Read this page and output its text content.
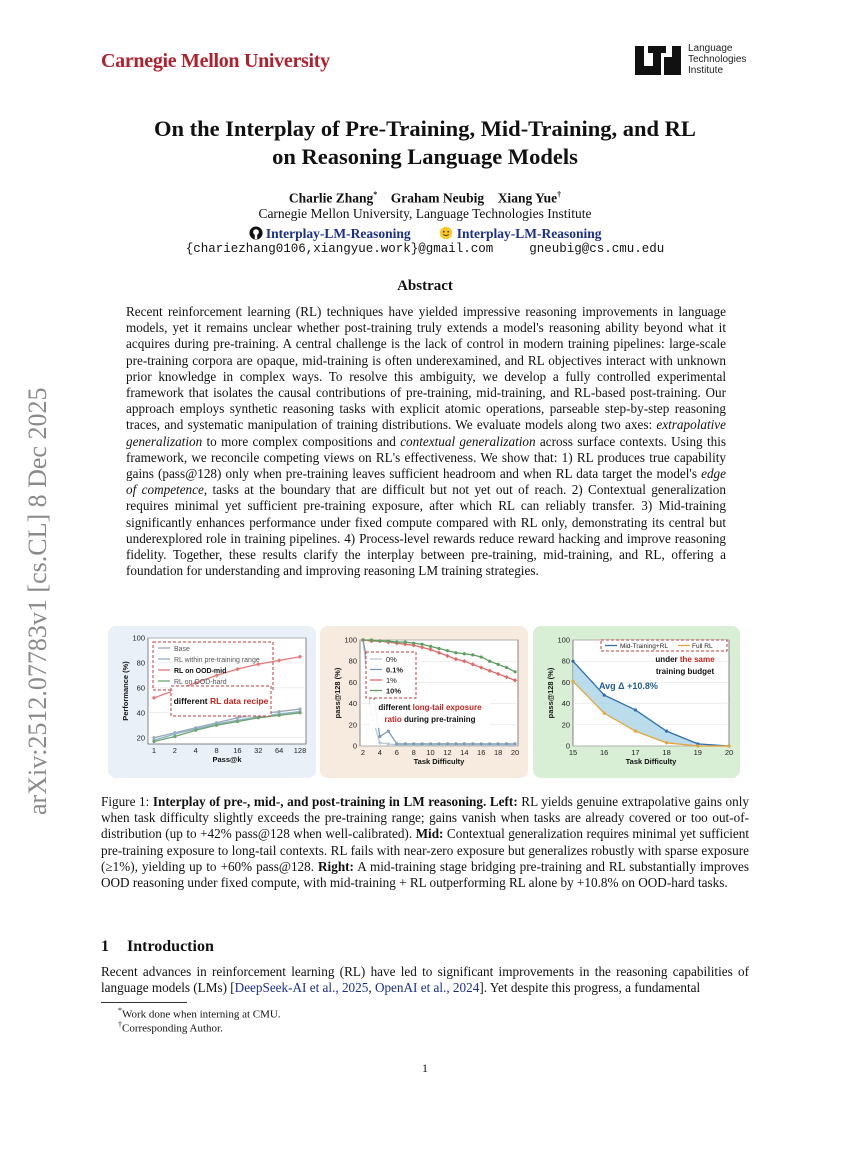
Carnegie Mellon University
Language
Technologies
Institute
arXiv:2512.07783v1 [cs.CL] 8 Dec 2025
On the Interplay of Pre-Training, Mid-Training, and RL
on Reasoning Language Models
Charlie Zhang* Graham Neubig Xiang Yue†
Carnegie Mellon University, Language Technologies Institute
Interplay-LM-Reasoning	Interplay-LM-Reasoning
{chariezhang0106,xiangyue.work}@gmail.com	gneubig@cs.cmu.edu
Abstract
Recent reinforcement learning (RL) techniques have yielded impressive reasoning improvements in language models, yet it remains unclear whether post-training truly extends a model's reasoning ability beyond what it acquires during pre-training. A central challenge is the lack of control in modern training pipelines: large-scale pre-training corpora are opaque, mid-training is often underexamined, and RL objectives interact with unknown prior knowledge in complex ways. To resolve this ambiguity, we develop a fully controlled experimental framework that isolates the causal contributions of pre-training, mid-training, and RL-based post-training. Our approach employs synthetic reasoning tasks with explicit atomic operations, parseable step-by-step reasoning traces, and systematic manipulation of training distributions. We evaluate models along two axes: extrapolative generalization to more complex compositions and contextual generalization across surface contexts. Using this framework, we reconcile competing views on RL's effectiveness. We show that: 1) RL produces true capability gains (pass@128) only when pre-training leaves sufficient headroom and when RL data target the model's edge of competence, tasks at the boundary that are difficult but not yet out of reach. 2) Contextual generalization requires minimal yet sufficient pre-training exposure, after which RL can reliably transfer. 3) Mid-training significantly enhances performance under fixed compute compared with RL only, demonstrating its central but underexplored role in training pipelines. 4) Process-level rewards reduce reward hacking and improve reasoning fidelity. Together, these results clarify the interplay between pre-training, mid-training, and RL, offering a foundation for understanding and improving reasoning LM training strategies.
20
40
60
80
100
1 2 4 8 16 32 64 128
Pass@k
Performance (%)
Base
RL within pre-training range
RL on OOD-mid
RL on OOD-hard
different RL data recipe
0
20
40
60
80
100
2 4 6 8 10 12 14 16 18 20
Task Difficulty
pass@128 (%)
0%
0.1%
1%
10%
different long-tail exposure
ratio during pre-training
0
20
40
60
80
100
15	16	17	18	19	20
Task Difficulty
pass@128 (%)
Mid-Training+RL	Full RL
under the same
training budget
Avg Δ +10.8%
Figure 1: Interplay of pre-, mid-, and post-training in LM reasoning. Left: RL yields genuine extrapolative gains only when task difficulty slightly exceeds the pre-training range; gains vanish when tasks are already covered or too out-of-distribution (up to +42% pass@128 when well-calibrated). Mid: Contextual generalization requires minimal yet sufficient pre-training exposure to long-tail contexts. RL fails with near-zero exposure but generalizes robustly with sparse exposure (≥1%), yielding up to +60% pass@128. Right: A mid-training stage bridging pre-training and RL substantially improves OOD reasoning under fixed compute, with mid-training + RL outperforming RL alone by +10.8% on OOD-hard tasks.
1 Introduction
Recent advances in reinforcement learning (RL) have led to significant improvements in the reasoning capabilities of language models (LMs) [DeepSeek-AI et al., 2025, OpenAI et al., 2024]. Yet despite this progress, a fundamental
*Work done when interning at CMU.
†Corresponding Author.
1
